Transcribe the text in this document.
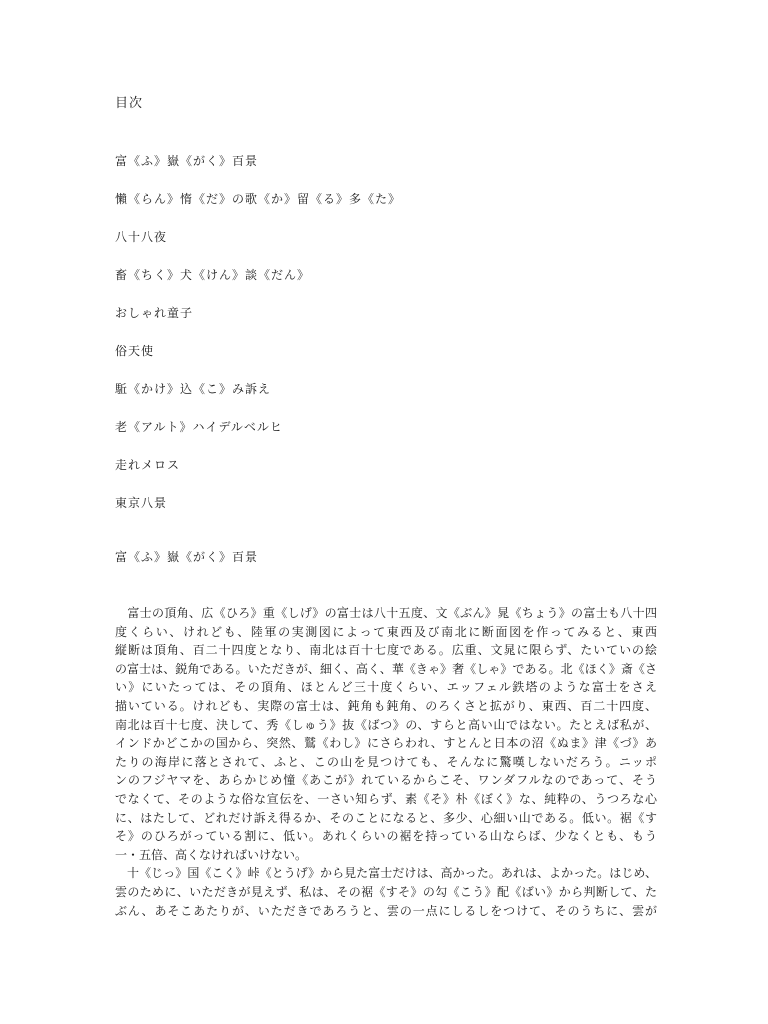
目次
富《ふ》嶽《がく》百景
懶《らん》惰《だ》の歌《か》留《る》多《た》
八十八夜
畜《ちく》犬《けん》談《だん》
おしゃれ童子
俗天使
駈《かけ》込《こ》み訴え
老《アルト》ハイデルベルヒ
走れメロス
東京八景
富《ふ》嶽《がく》百景
　富士の頂角、広《ひろ》重《しげ》の富士は八十五度、文《ぶん》晁《ちょう》の富士も八十四
度くらい、けれども、陸軍の実測図によって東西及び南北に断面図を作ってみると、東西
縦断は頂角、百二十四度となり、南北は百十七度である。広重、文晁に限らず、たいていの絵
の富士は、鋭角である。いただきが、細く、高く、華《きゃ》奢《しゃ》である。北《ほく》斎《さ
い》にいたっては、その頂角、ほとんど三十度くらい、エッフェル鉄塔のような富士をさえ
描いている。けれども、実際の富士は、鈍角も鈍角、のろくさと拡がり、東西、百二十四度、
南北は百十七度、決して、秀《しゅう》抜《ばつ》の、すらと高い山ではない。たとえば私が、
インドかどこかの国から、突然、鷲《わし》にさらわれ、すとんと日本の沼《ぬま》津《づ》あ
たりの海岸に落とされて、ふと、この山を見つけても、そんなに驚嘆しないだろう。ニッポ
ンのフジヤマを、あらかじめ憧《あこが》れているからこそ、ワンダフルなのであって、そう
でなくて、そのような俗な宣伝を、一さい知らず、素《そ》朴《ぼく》な、純粋の、うつろな心
に、はたして、どれだけ訴え得るか、そのことになると、多少、心細い山である。低い。裾《す
そ》のひろがっている割に、低い。あれくらいの裾を持っている山ならば、少なくとも、もう
一・五倍、高くなければいけない。
　十《じっ》国《こく》峠《とうげ》から見た富士だけは、高かった。あれは、よかった。はじめ、
雲のために、いただきが見えず、私は、その裾《すそ》の勾《こう》配《ばい》から判断して、た
ぶん、あそこあたりが、いただきであろうと、雲の一点にしるしをつけて、そのうちに、雲が
